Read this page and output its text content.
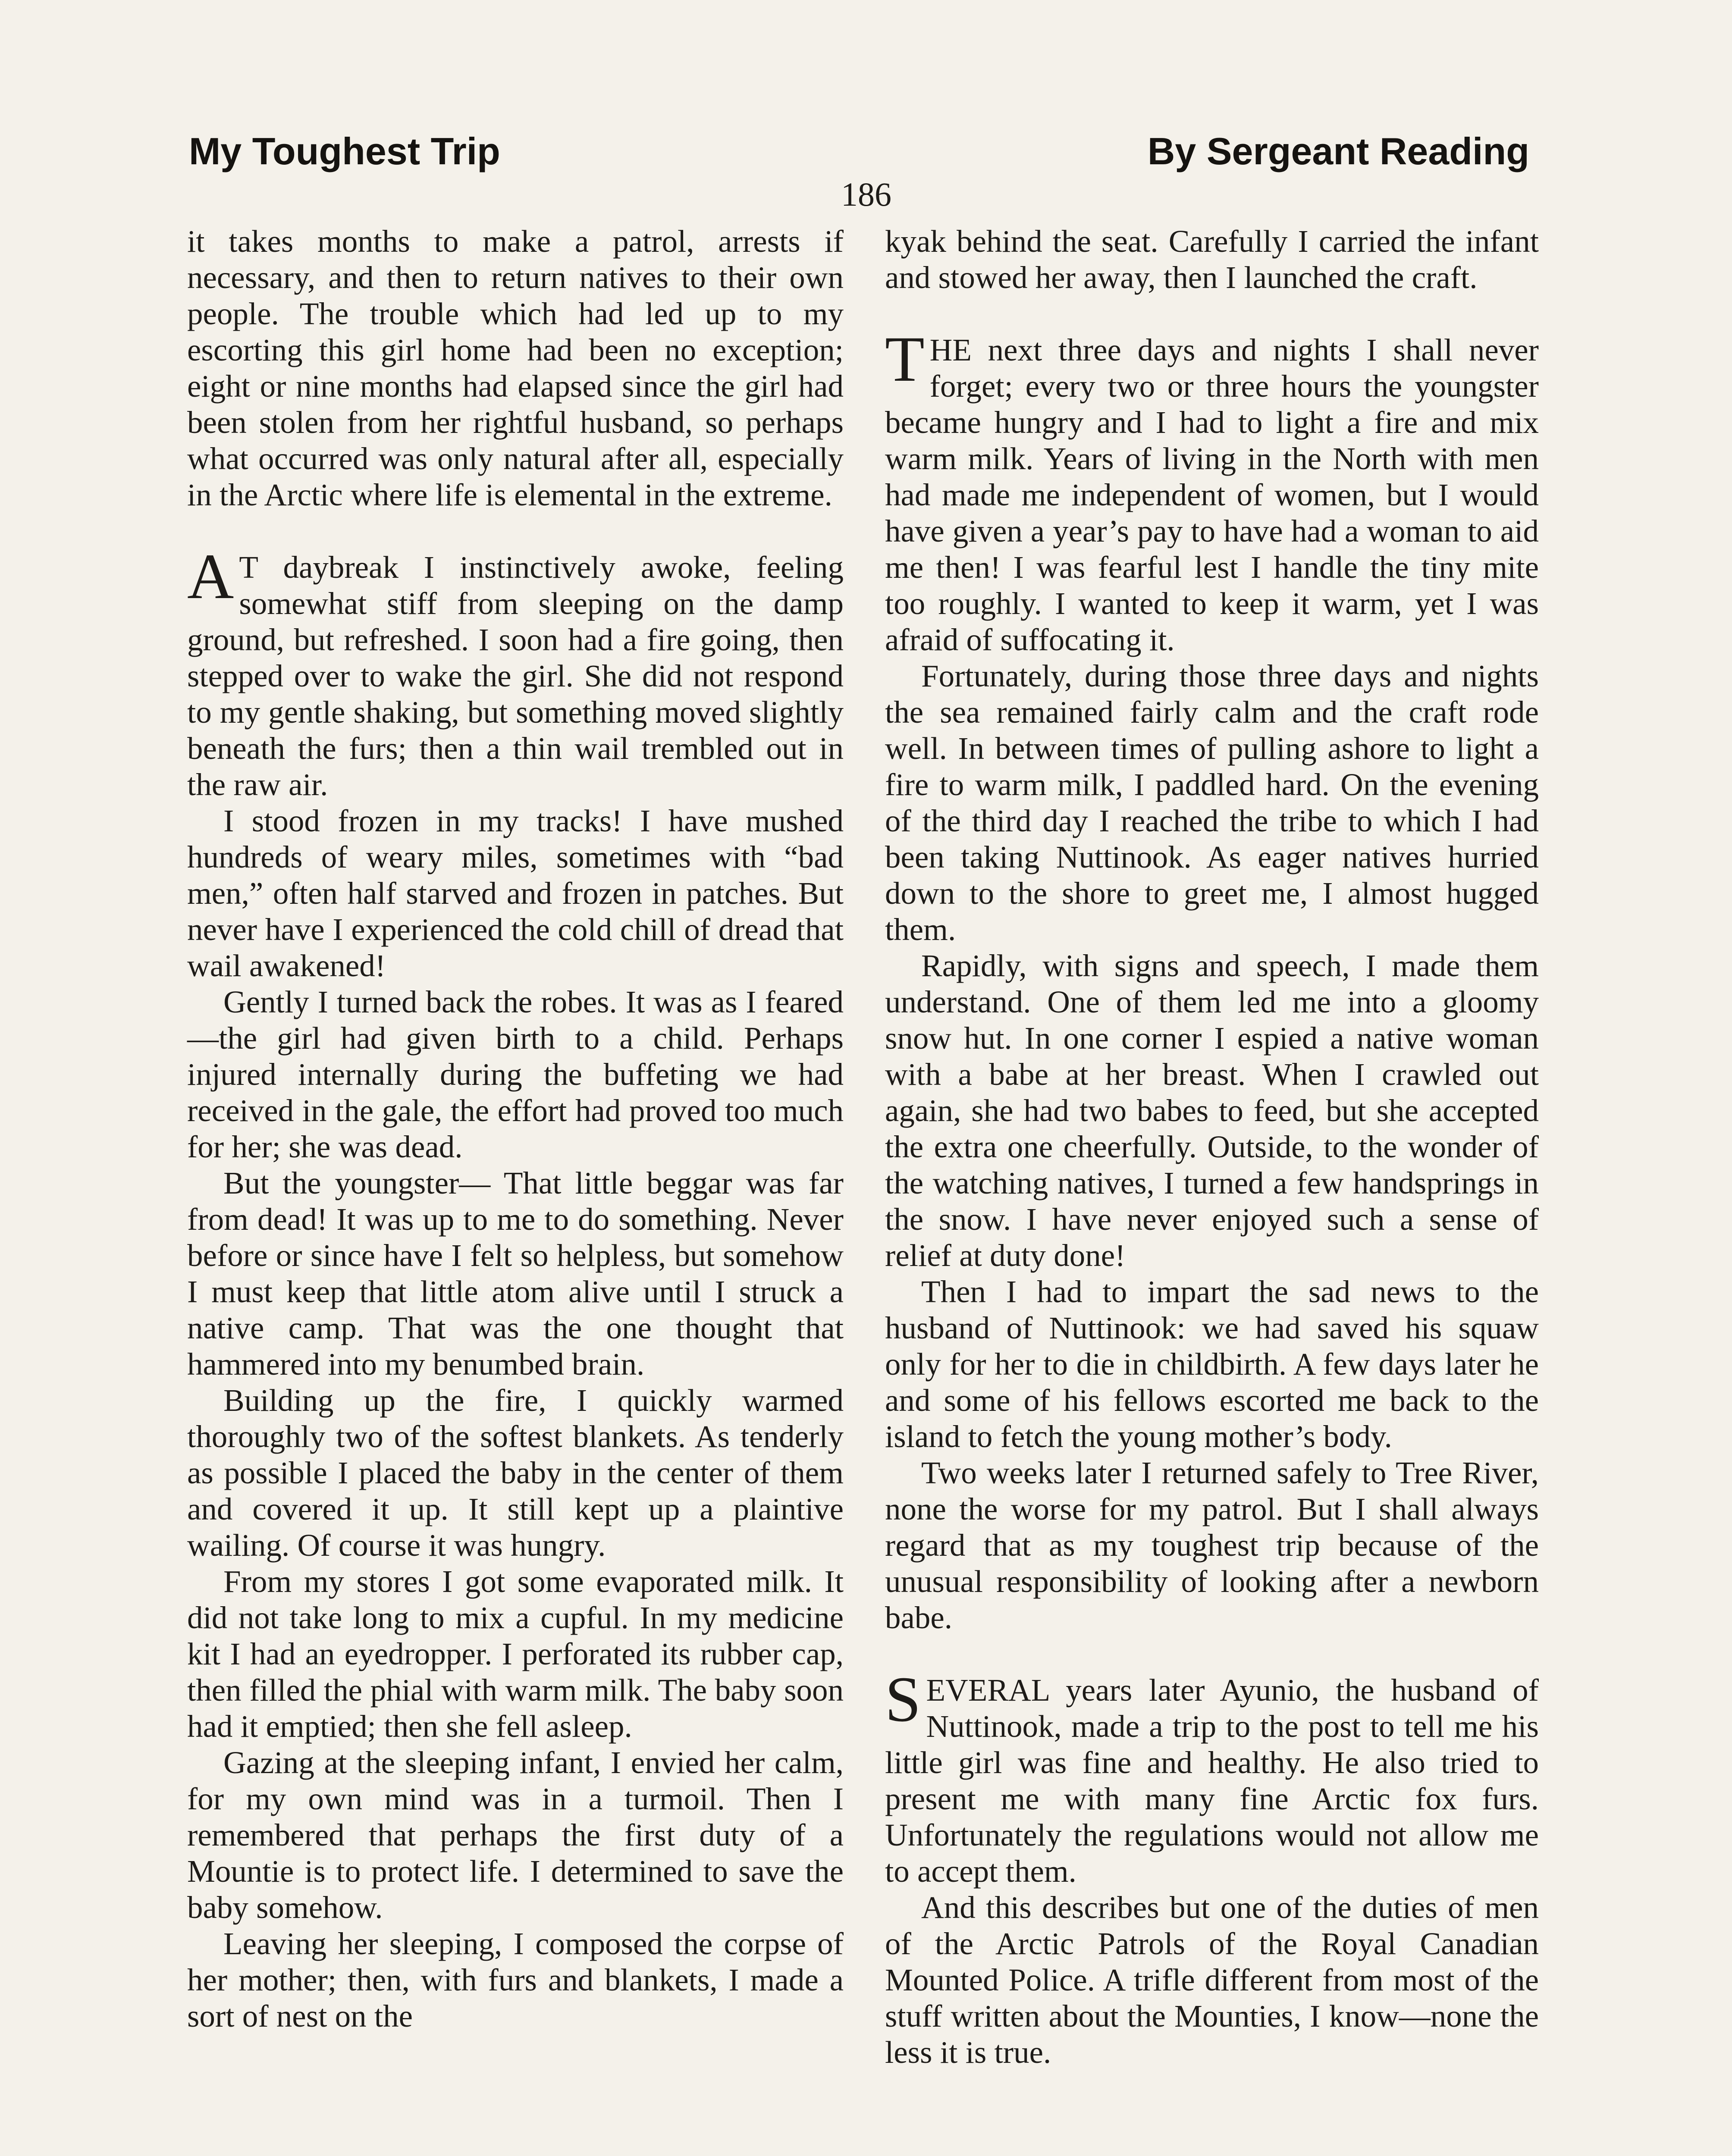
My Toughest Trip	By Sergeant Reading
186

it takes months to make a patrol, arrests if necessary, and then to return natives to their own people. The trouble which had led up to my escorting this girl home had been no exception; eight or nine months had elapsed since the girl had been stolen from her rightful husband, so perhaps what occurred was only natural after all, especially in the Arctic where life is elemental in the extreme.

A T daybreak I instinctively awoke, feeling somewhat stiff from sleeping on the damp ground, but refreshed. I soon had a fire going, then stepped over to wake the girl. She did not respond to my gentle shaking, but something moved slightly beneath the furs; then a thin wail trembled out in the raw air.

I stood frozen in my tracks! I have mushed hundreds of weary miles, sometimes with “bad men,” often half starved and frozen in patches. But never have I experienced the cold chill of dread that wail awakened!

Gently I turned back the robes. It was as I feared—the girl had given birth to a child. Perhaps injured internally during the buffeting we had received in the gale, the effort had proved too much for her; she was dead.

But the youngster— That little beggar was far from dead! It was up to me to do something. Never before or since have I felt so helpless, but somehow I must keep that little atom alive until I struck a native camp. That was the one thought that hammered into my benumbed brain.

Building up the fire, I quickly warmed thoroughly two of the softest blankets. As tenderly as possible I placed the baby in the center of them and covered it up. It still kept up a plaintive wailing. Of course it was hungry.

From my stores I got some evaporated milk. It did not take long to mix a cupful. In my medicine kit I had an eyedropper. I perforated its rubber cap, then filled the phial with warm milk. The baby soon had it emptied; then she fell asleep.

Gazing at the sleeping infant, I envied her calm, for my own mind was in a turmoil. Then I remembered that perhaps the first duty of a Mountie is to protect life. I determined to save the baby somehow.

Leaving her sleeping, I composed the corpse of her mother; then, with furs and blankets, I made a sort of nest on the

kyak behind the seat. Carefully I carried the infant and stowed her away, then I launched the craft.

THE next three days and nights I shall never forget; every two or three hours the youngster became hungry and I had to light a fire and mix warm milk. Years of living in the North with men had made me independent of women, but I would have given a year’s pay to have had a woman to aid me then! I was fearful lest I handle the tiny mite too roughly. I wanted to keep it warm, yet I was afraid of suffocating it.

Fortunately, during those three days and nights the sea remained fairly calm and the craft rode well. In between times of pulling ashore to light a fire to warm milk, I paddled hard. On the evening of the third day I reached the tribe to which I had been taking Nuttinook. As eager natives hurried down to the shore to greet me, I almost hugged them.

Rapidly, with signs and speech, I made them understand. One of them led me into a gloomy snow hut. In one corner I espied a native woman with a babe at her breast. When I crawled out again, she had two babes to feed, but she accepted the extra one cheerfully. Outside, to the wonder of the watching natives, I turned a few handsprings in the snow. I have never enjoyed such a sense of relief at duty done!

Then I had to impart the sad news to the husband of Nuttinook: we had saved his squaw only for her to die in childbirth. A few days later he and some of his fellows escorted me back to the island to fetch the young mother’s body.

Two weeks later I returned safely to Tree River, none the worse for my patrol. But I shall always regard that as my toughest trip because of the unusual responsibility of looking after a newborn babe.

SEVERAL years later Ayunio, the husband of Nuttinook, made a trip to the post to tell me his little girl was fine and healthy. He also tried to present me with many fine Arctic fox furs. Unfortunately the regulations would not allow me to accept them.

And this describes but one of the duties of men of the Arctic Patrols of the Royal Canadian Mounted Police. A trifle different from most of the stuff written about the Mounties, I know—none the less it is true.
